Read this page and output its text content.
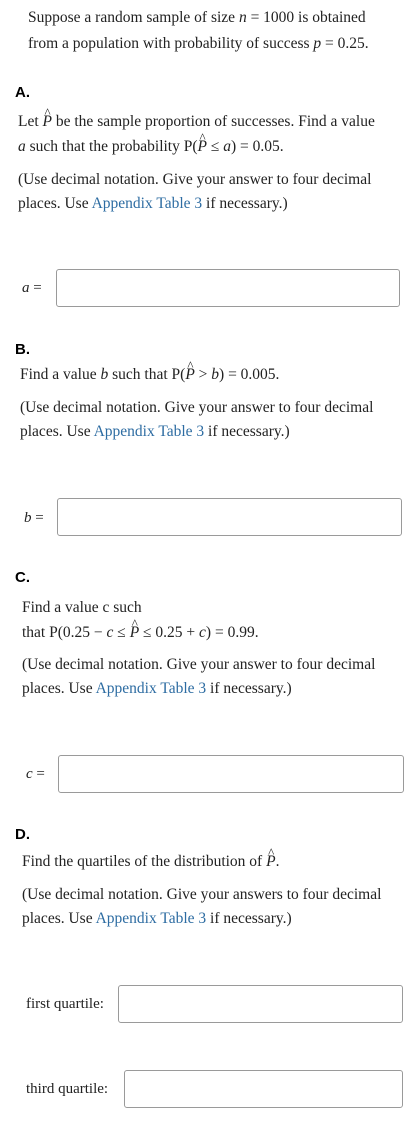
Suppose a random sample of size n = 1000 is obtained
from a population with probability of success p = 0.25.
A.
Let ^ P be the sample proportion of successes. Find a value
a such that the probability P(^ P ≤ a) = 0.05.
(Use decimal notation. Give your answer to four decimal
places. Use Appendix Table 3 if necessary.)
a =
B.
Find a value b such that P(^ P > b) = 0.005.
(Use decimal notation. Give your answer to four decimal
places. Use Appendix Table 3 if necessary.)
b =
C.
Find a value c such
that P(0.25 − c ≤ ^ P ≤ 0.25 + c) = 0.99.
(Use decimal notation. Give your answer to four decimal
places. Use Appendix Table 3 if necessary.)
c =
D.
Find the quartiles of the distribution of ^ P.
(Use decimal notation. Give your answers to four decimal
places. Use Appendix Table 3 if necessary.)
first quartile:
third quartile:
